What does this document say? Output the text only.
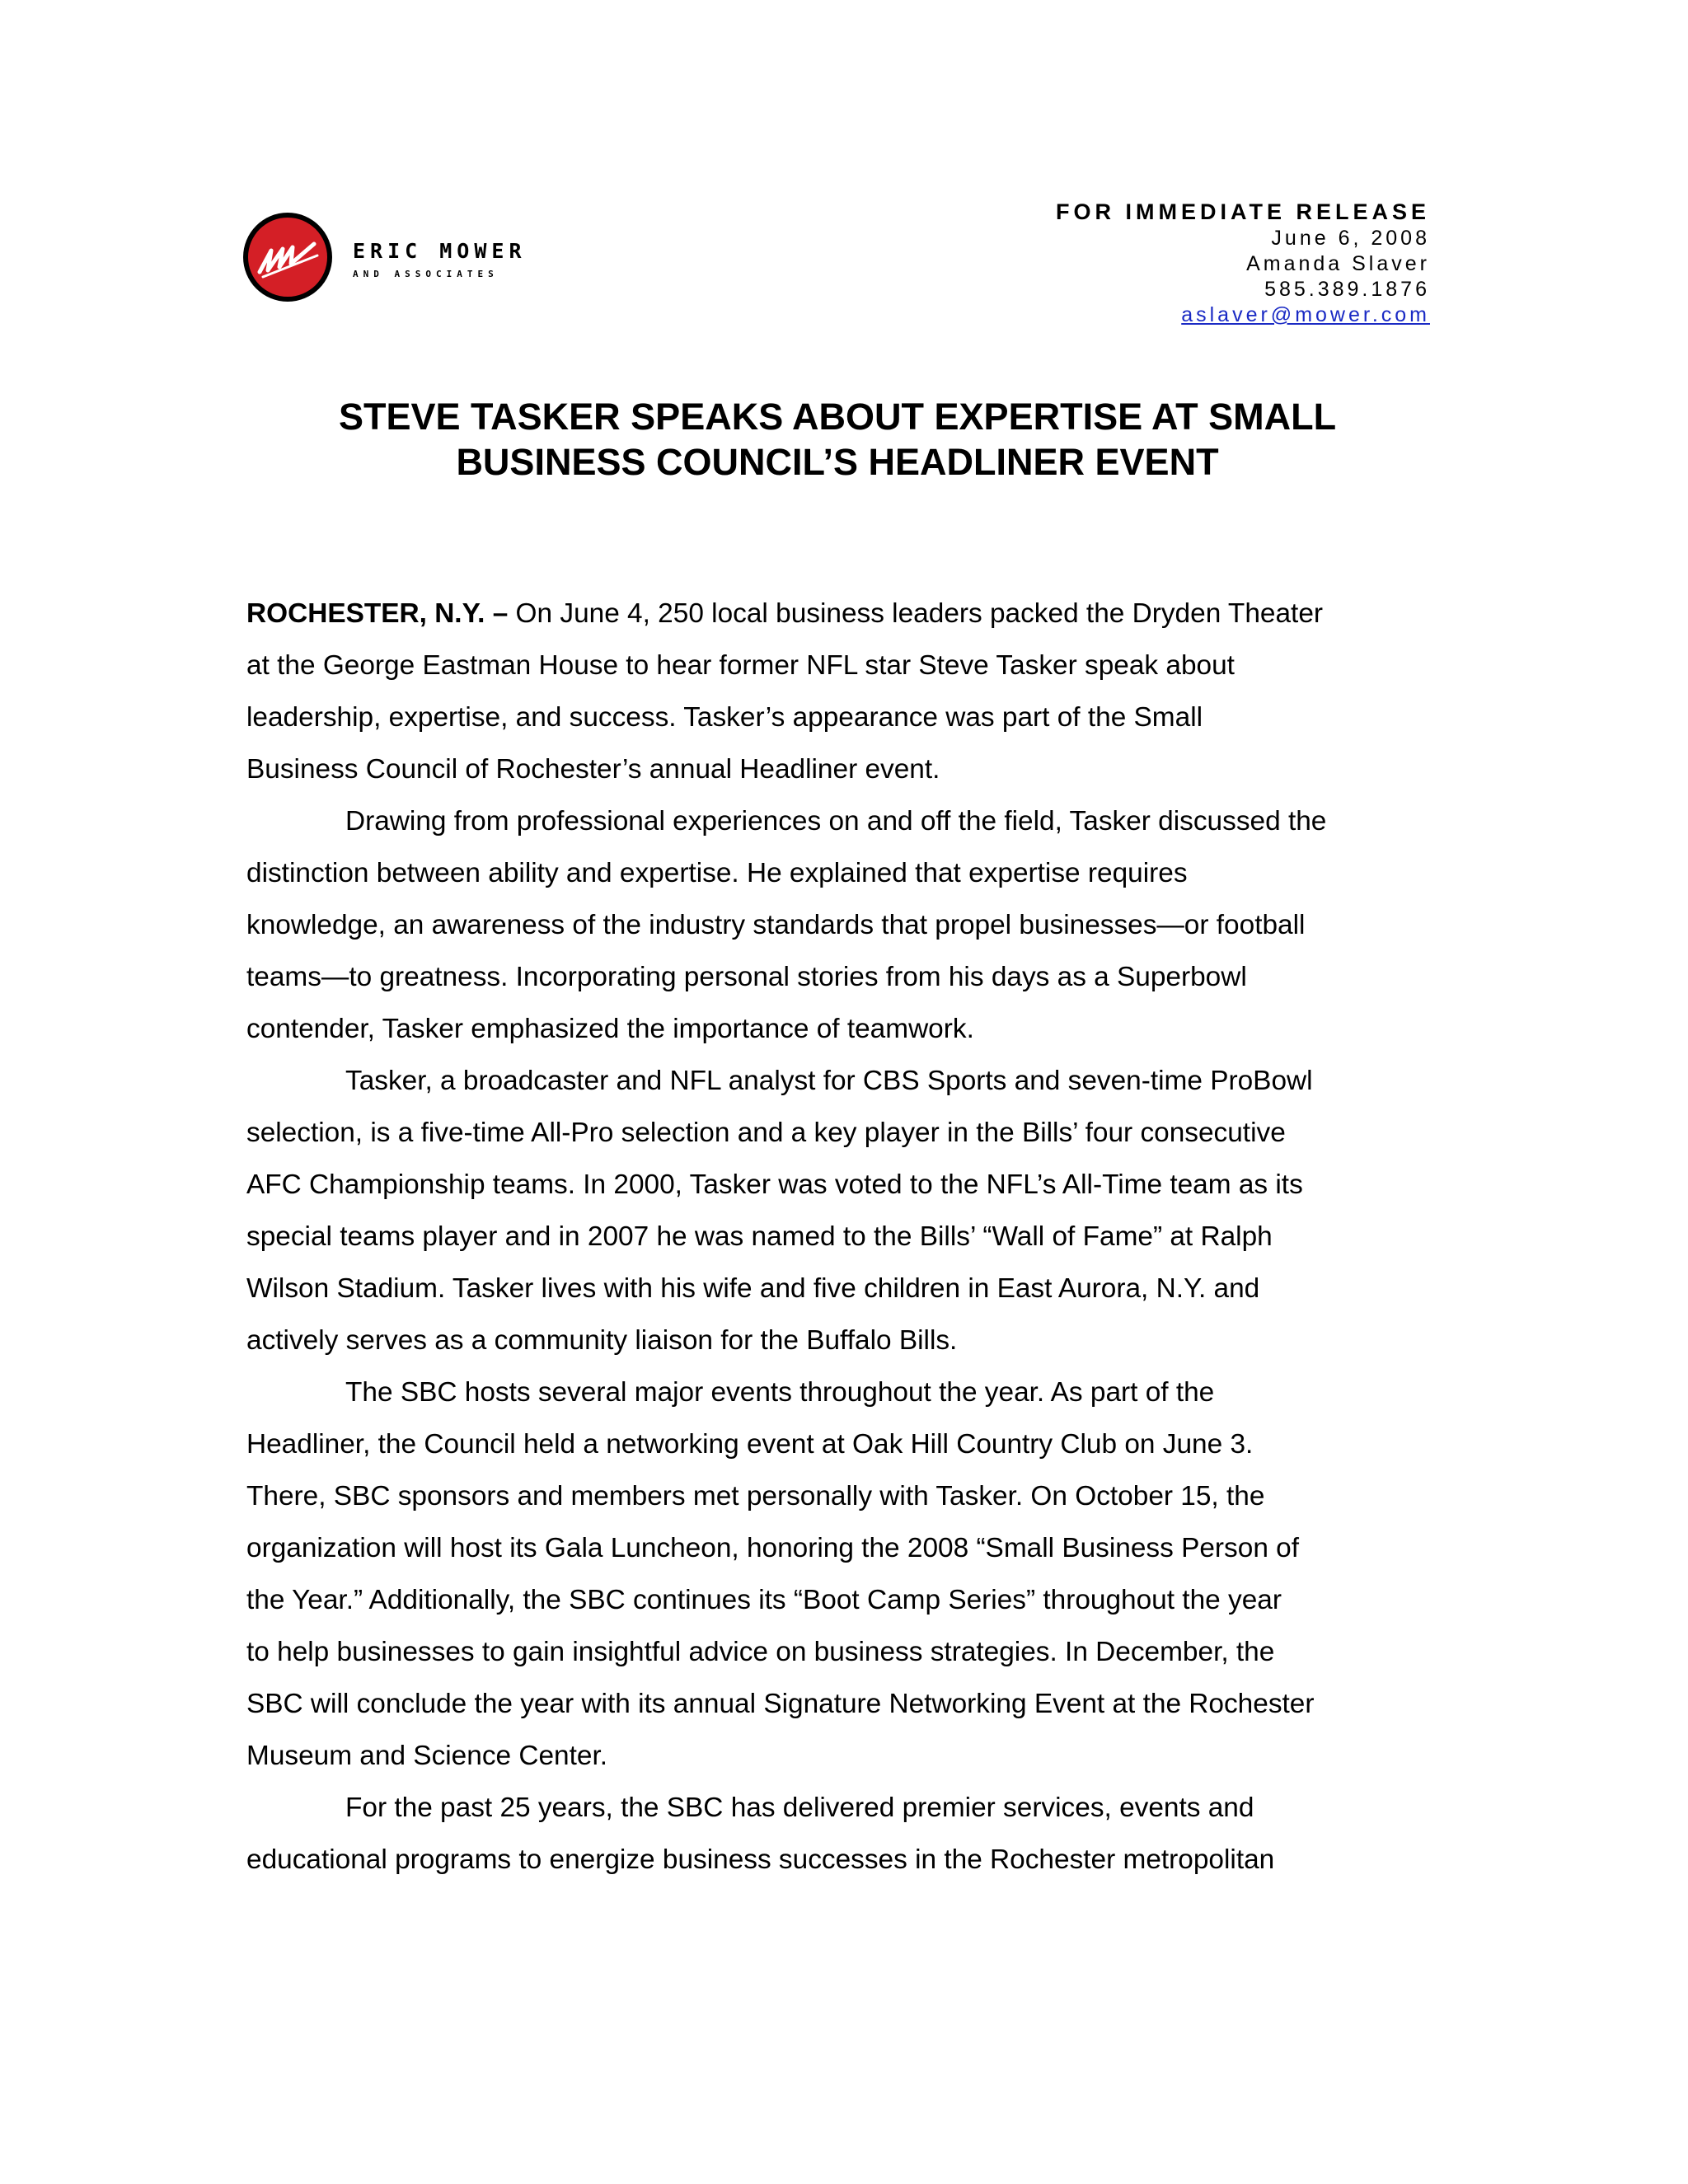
ERIC MOWER
AND ASSOCIATES
FOR IMMEDIATE RELEASE
June 6, 2008
Amanda Slaver
585.389.1876
aslaver@mower.com
STEVE TASKER SPEAKS ABOUT EXPERTISE AT SMALL
BUSINESS COUNCIL’S HEADLINER EVENT

ROCHESTER, N.Y. – On June 4, 250 local business leaders packed the Dryden Theater
at the George Eastman House to hear former NFL star Steve Tasker speak about
leadership, expertise, and success. Tasker’s appearance was part of the Small
Business Council of Rochester’s annual Headliner event.

Drawing from professional experiences on and off the field, Tasker discussed the
distinction between ability and expertise. He explained that expertise requires
knowledge, an awareness of the industry standards that propel businesses—or football
teams—to greatness. Incorporating personal stories from his days as a Superbowl
contender, Tasker emphasized the importance of teamwork.

Tasker, a broadcaster and NFL analyst for CBS Sports and seven-time ProBowl
selection, is a five-time All-Pro selection and a key player in the Bills’ four consecutive
AFC Championship teams. In 2000, Tasker was voted to the NFL’s All-Time team as its
special teams player and in 2007 he was named to the Bills’ “Wall of Fame” at Ralph
Wilson Stadium. Tasker lives with his wife and five children in East Aurora, N.Y. and
actively serves as a community liaison for the Buffalo Bills.

The SBC hosts several major events throughout the year. As part of the
Headliner, the Council held a networking event at Oak Hill Country Club on June 3.
There, SBC sponsors and members met personally with Tasker. On October 15, the
organization will host its Gala Luncheon, honoring the 2008 “Small Business Person of
the Year.” Additionally, the SBC continues its “Boot Camp Series” throughout the year
to help businesses to gain insightful advice on business strategies. In December, the
SBC will conclude the year with its annual Signature Networking Event at the Rochester
Museum and Science Center.

For the past 25 years, the SBC has delivered premier services, events and
educational programs to energize business successes in the Rochester metropolitan
